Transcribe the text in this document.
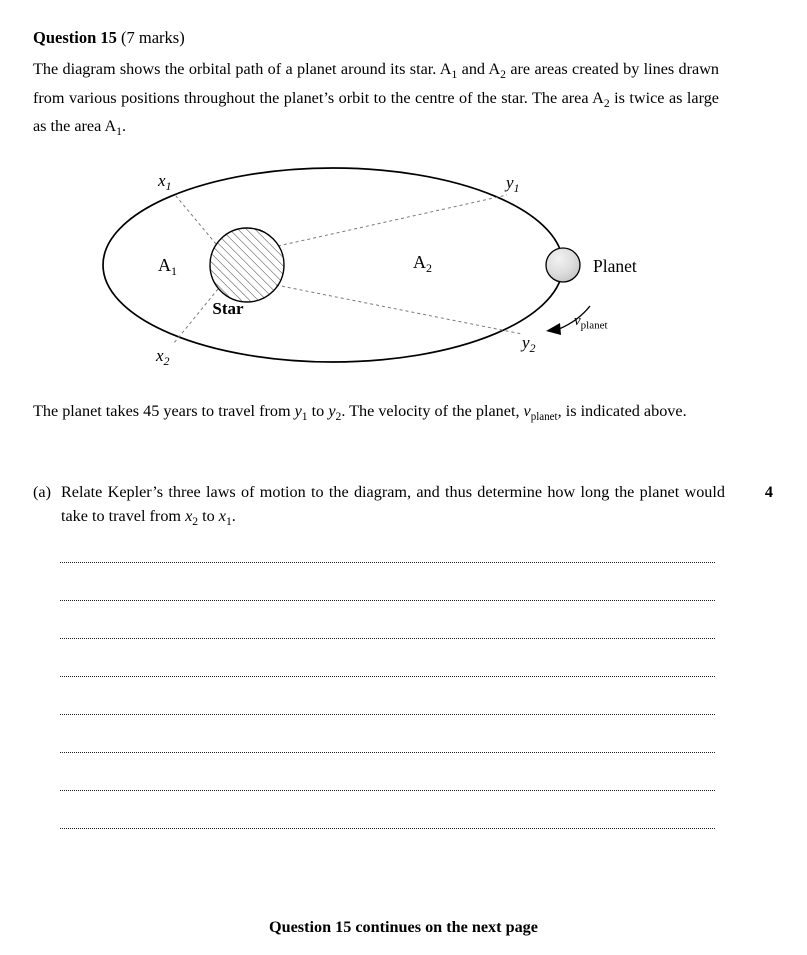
Question 15 (7 marks)
The diagram shows the orbital path of a planet around its star. $A_1$ and $A_2$ are areas created by lines drawn from various positions throughout the planet’s orbit to the centre of the star. The area $A_2$ is twice as large as the area $A_1$.
$x_1$
$x_2$
$y_1$
$y_2$
$A_1$	$A_2$
Star
Planet
$v_{planet}$
The planet takes 45 years to travel from $y_1$ to $y_2$. The velocity of the planet, $v_{planet}$, is indicated above.
(a) Relate Kepler’s three laws of motion to the diagram, and thus determine how long the planet would take to travel from $x_2$ to $x_1$.
4
Question 15 continues on the next page
